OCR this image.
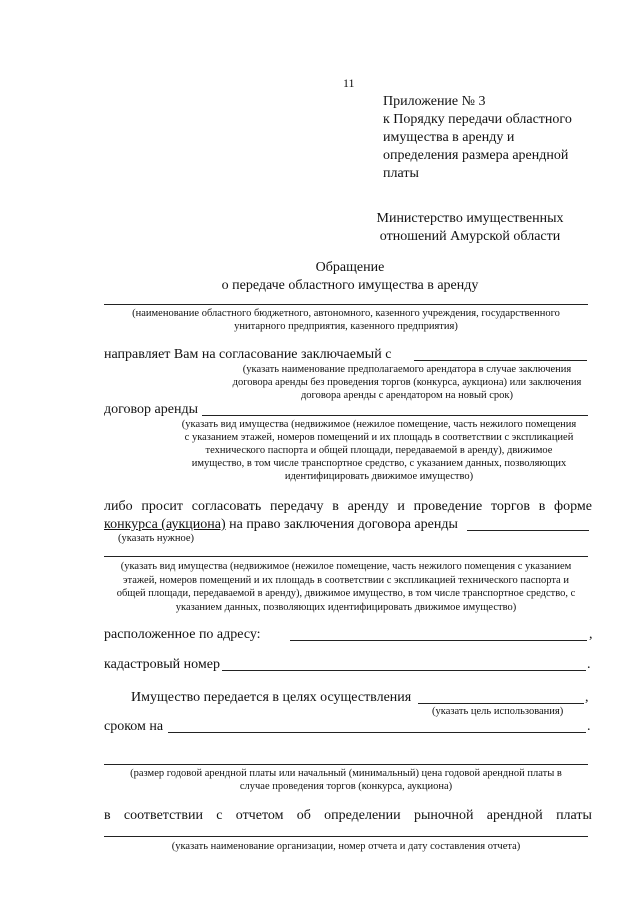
11
Приложение № 3
к Порядку передачи областного
имущества в аренду и
определения размера арендной
платы
Министерство имущественных
отношений Амурской области
Обращение
о передаче областного имущества в аренду
(наименование областного бюджетного, автономного, казенного учреждения, государственного
унитарного предприятия, казенного предприятия)
направляет Вам на согласование заключаемый с
(указать наименование предполагаемого арендатора в случае заключения
договора аренды без проведения торгов (конкурса, аукциона) или заключения
договора аренды с арендатором на новый срок)
договор аренды
(указать вид имущества (недвижимое (нежилое помещение, часть нежилого помещения
с указанием этажей, номеров помещений и их площадь в соответствии с экспликацией
технического паспорта и общей площади, передаваемой в аренду), движимое
имущество, в том числе транспортное средство, с указанием данных, позволяющих
идентифицировать движимое имущество)
либо просит согласовать передачу в аренду и проведение торгов в форме
конкурса (аукциона) на право заключения договора аренды
(указать нужное)
(указать вид имущества (недвижимое (нежилое помещение, часть нежилого помещения с указанием
этажей, номеров помещений и их площадь в соответствии с экспликацией технического паспорта и
общей площади, передаваемой в аренду), движимое имущество, в том числе транспортное средство, с
указанием данных, позволяющих идентифицировать движимое имущество)
расположенное по адресу:	,
кадастровый номер	.
Имущество передается в целях осуществления	,
(указать цель использования)
сроком на	.
(размер годовой арендной платы или начальный (минимальный) цена годовой арендной платы в
случае проведения торгов (конкурса, аукциона)
в соответствии с отчетом об определении рыночной арендной платы
(указать наименование организации, номер отчета и дату составления отчета)
